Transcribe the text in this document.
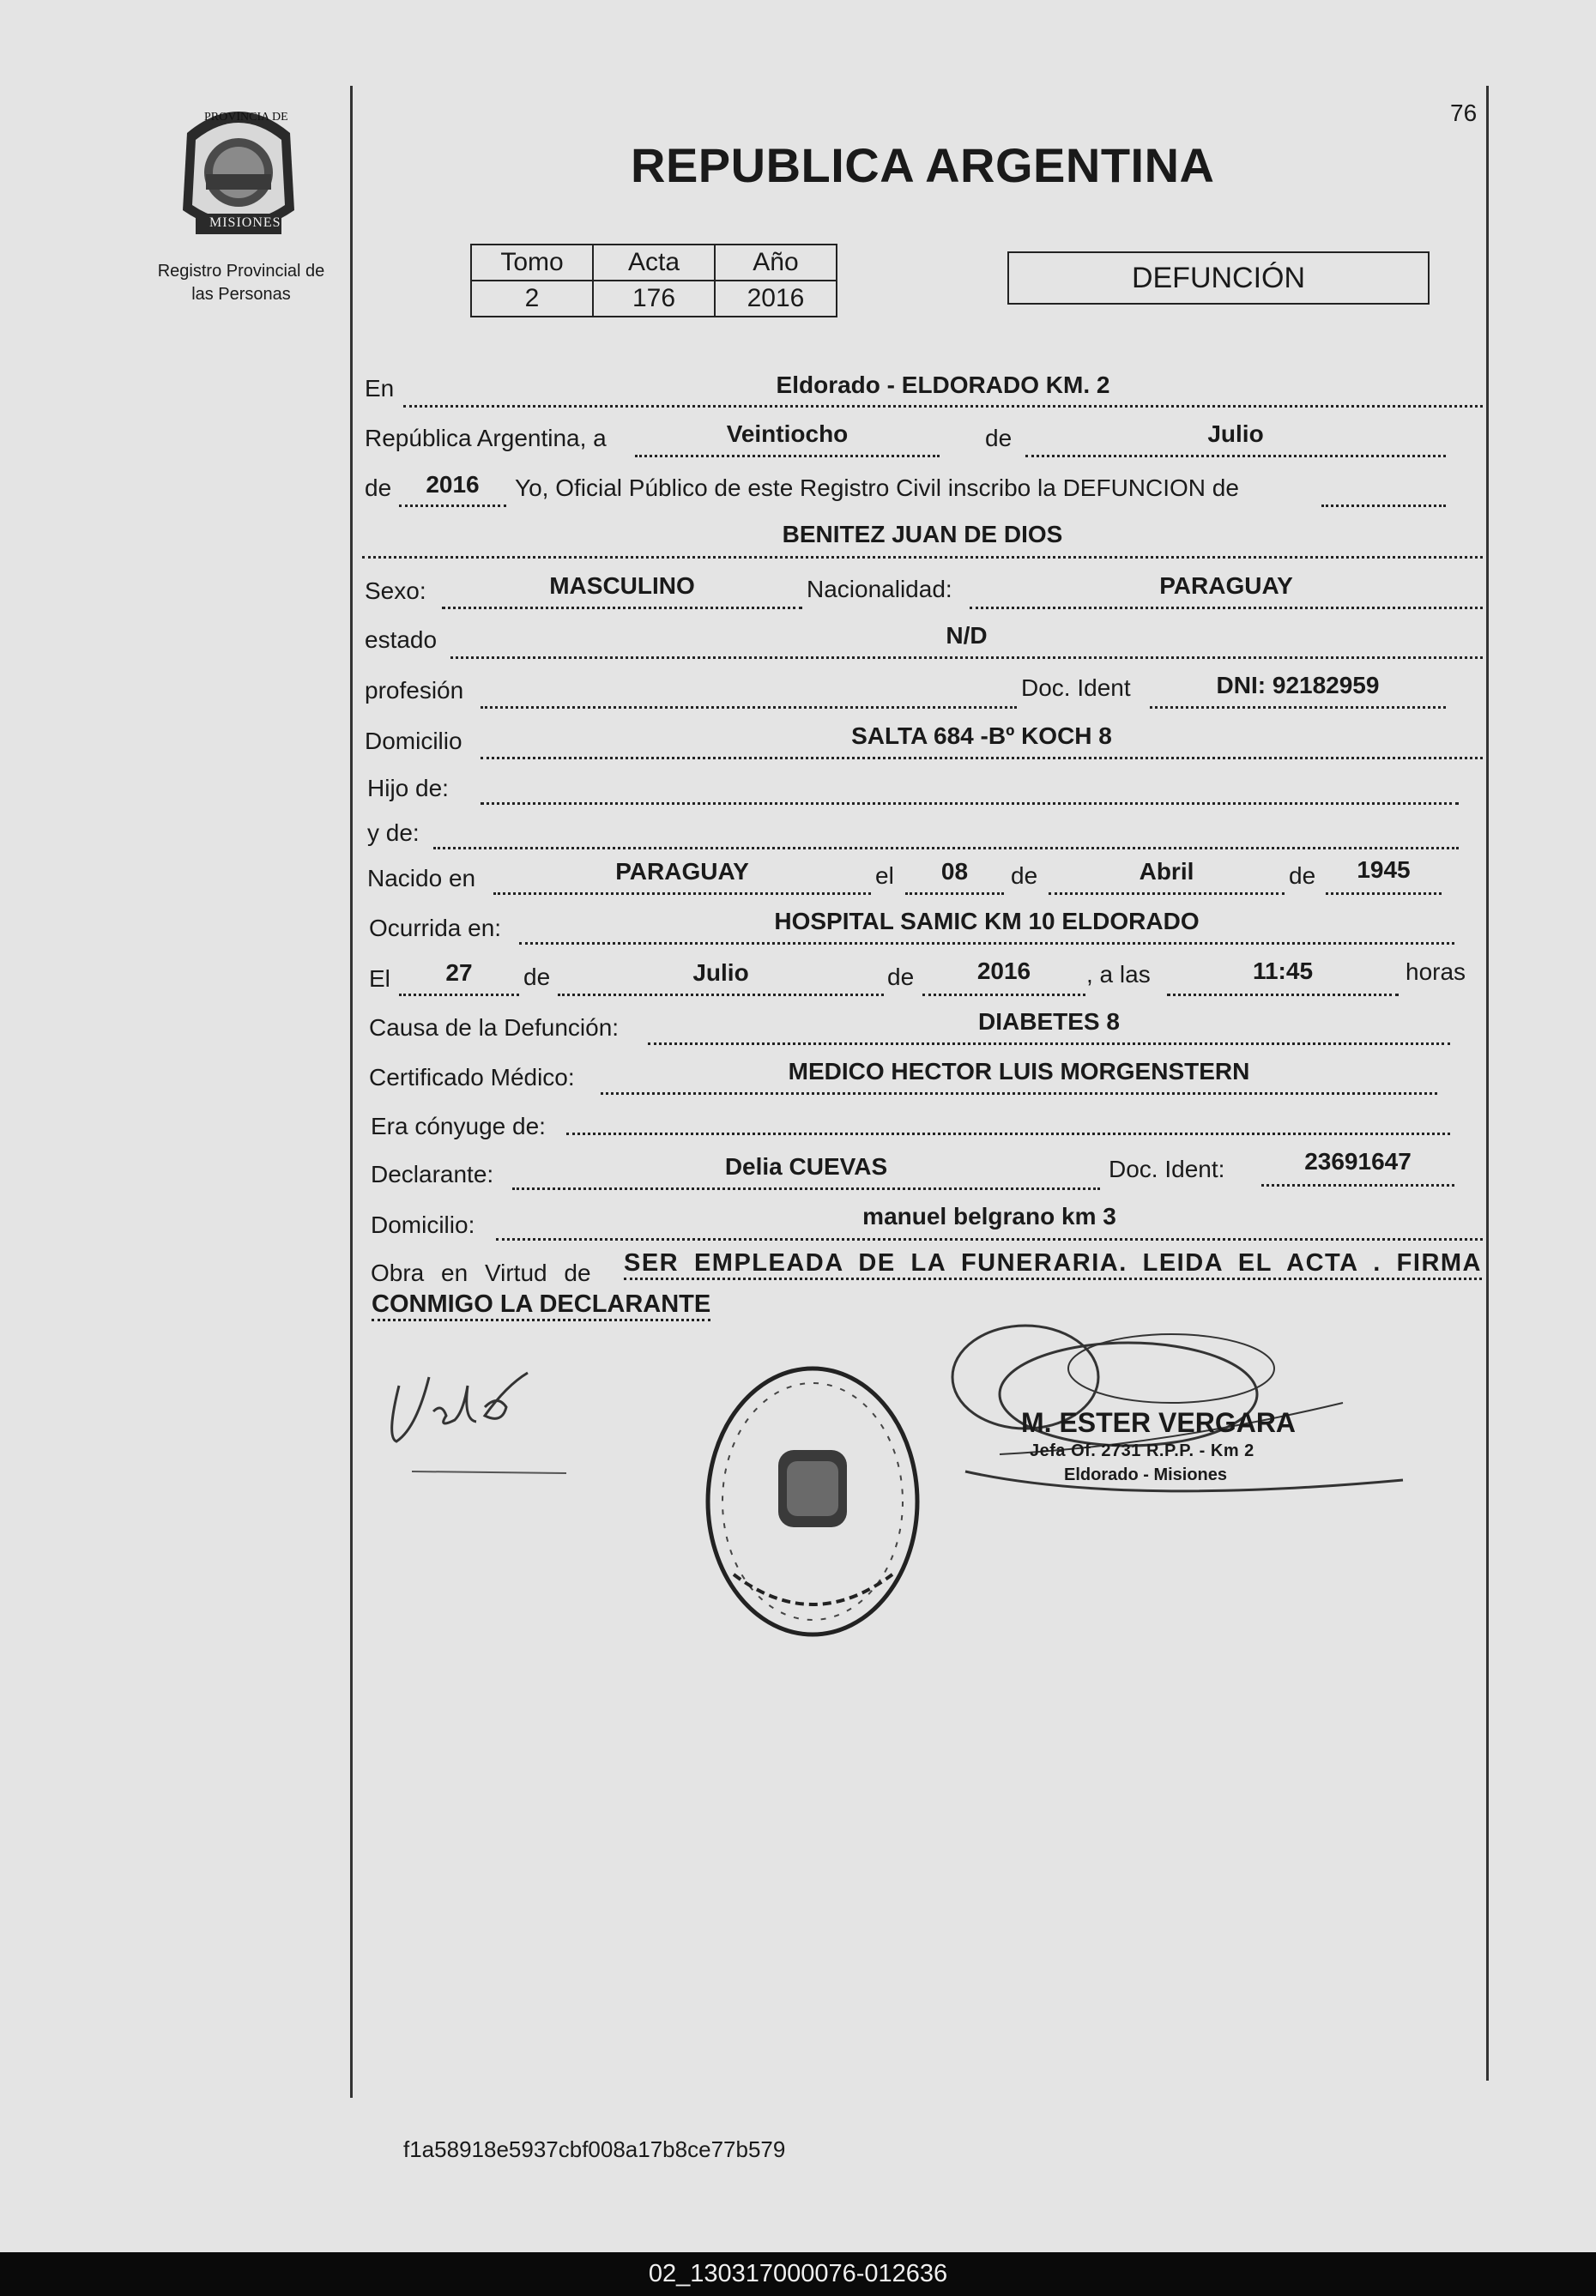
76
PROVINCIA DE
MISIONES
Registro Provincial de
las Personas
REPUBLICA ARGENTINA
Tomo	Acta	Año
2	176	2016
DEFUNCIÓN
En	Eldorado - ELDORADO KM. 2
República Argentina, a	Veintiocho	de	Julio
de	2016	Yo, Oficial Público de este Registro Civil inscribo la DEFUNCION de
BENITEZ JUAN DE DIOS
Sexo:	MASCULINO	Nacionalidad:	PARAGUAY
estado	N/D
profesión	Doc. Ident	DNI: 92182959
Domicilio	SALTA 684 -Bº KOCH 8
Hijo de:
y de:
Nacido en	PARAGUAY	el	08	de	Abril	de	1945
Ocurrida en:	HOSPITAL SAMIC KM 10 ELDORADO
El	27	de	Julio	de	2016	, a las	11:45	horas
Causa de la Defunción:	DIABETES 8
Certificado Médico:	MEDICO HECTOR LUIS MORGENSTERN
Era cónyuge de:
Declarante:	Delia CUEVAS	Doc. Ident:	23691647
Domicilio:	manuel belgrano km 3
Obra en Virtud de SER EMPLEADA DE LA FUNERARIA. LEIDA EL ACTA . FIRMA
CONMIGO LA DECLARANTE
M. ESTER VERGARA
Jefa Of. 2731 R.P.P. - Km 2
Eldorado - Misiones
f1a58918e5937cbf008a17b8ce77b579
02_130317000076-012636
